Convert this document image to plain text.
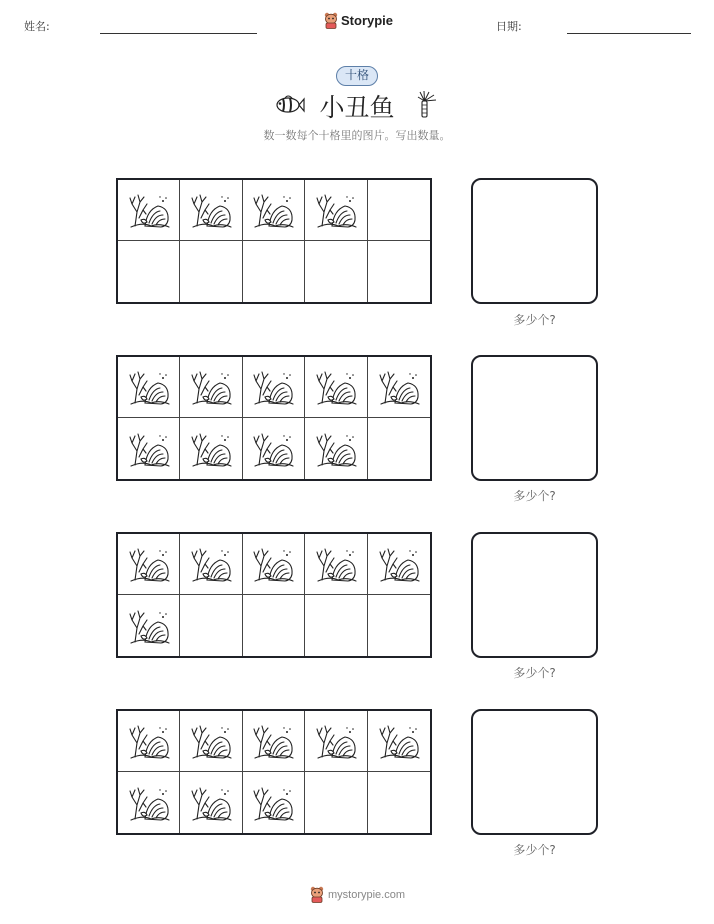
姓名:	Storypie	日期:
十格
小丑鱼
数一数每个十格里的图片。写出数量。
多少个?
多少个?
多少个?
多少个?
mystorypie.com
